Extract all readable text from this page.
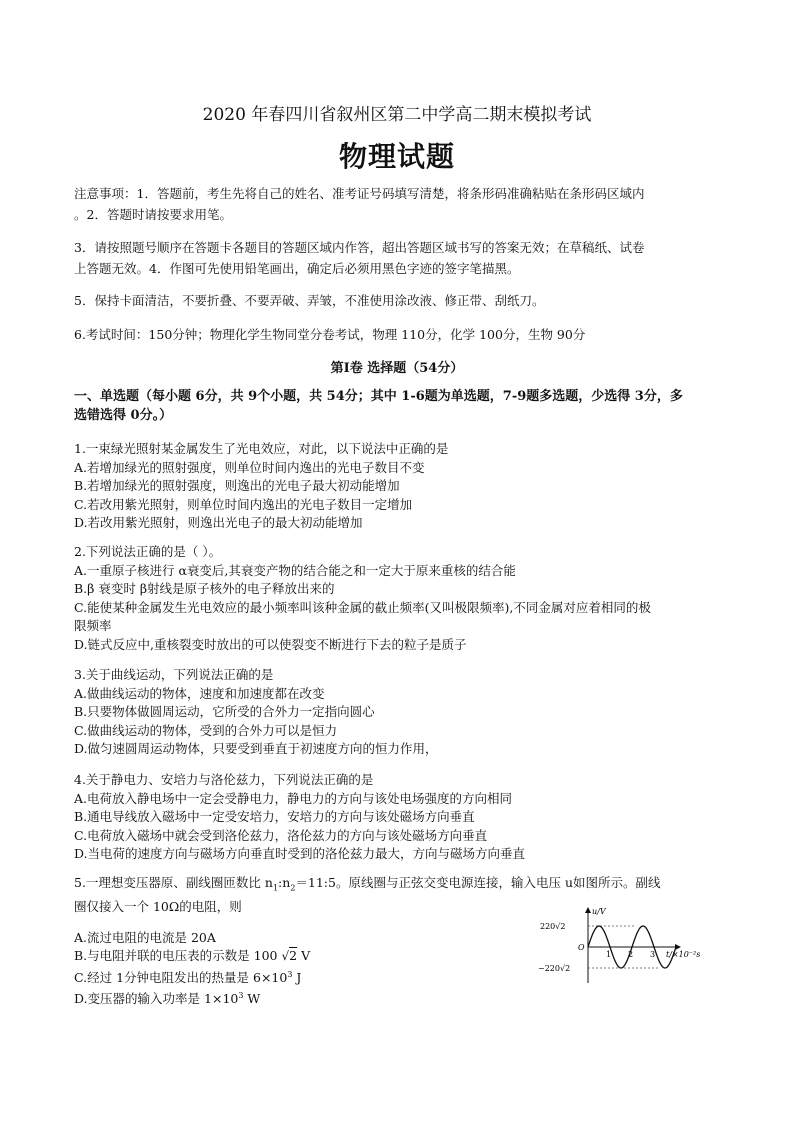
2020 年春四川省叙州区第二中学高二期末模拟考试
物理试题

注意事项：1．答题前，考生先将自己的姓名、准考证号码填写清楚，将条形码准确粘贴在条形码区域内

。2．答题时请按要求用笔。

3．请按照题号顺序在答题卡各题目的答题区域内作答，超出答题区域书写的答案无效；在草稿纸、试卷

上答题无效。4．作图可先使用铅笔画出，确定后必须用黑色字迹的签字笔描黑。

5．保持卡面清洁，不要折叠、不要弄破、弄皱，不准使用涂改液、修正带、刮纸刀。

6.考试时间：150分钟；物理化学生物同堂分卷考试，物理 110分，化学 100分，生物 90分

第Ⅰ卷 选择题（54分）

一、单选题（每小题 6分，共 9个小题，共 54分；其中 1-6题为单选题，7-9题多选题，少选得 3分，多

选错选得 0分。）

1.一束绿光照射某金属发生了光电效应，对此，以下说法中正确的是
A.若增加绿光的照射强度，则单位时间内逸出的光电子数目不变
B.若增加绿光的照射强度，则逸出的光电子最大初动能增加
C.若改用紫光照射，则单位时间内逸出的光电子数目一定增加
D.若改用紫光照射，则逸出光电子的最大初动能增加
2.下列说法正确的是（ ）。
A.一重原子核进行 α衰变后,其衰变产物的结合能之和一定大于原来重核的结合能
B.β 衰变时 β射线是原子核外的电子释放出来的
C.能使某种金属发生光电效应的最小频率叫该种金属的截止频率(又叫极限频率),不同金属对应着相同的极
限频率
D.链式反应中,重核裂变时放出的可以使裂变不断进行下去的粒子是质子
3.关于曲线运动，下列说法正确的是
A.做曲线运动的物体，速度和加速度都在改变
B.只要物体做圆周运动，它所受的合外力一定指向圆心
C.做曲线运动的物体，受到的合外力可以是恒力
D.做匀速圆周运动物体，只要受到垂直于初速度方向的恒力作用，
4.关于静电力、安培力与洛伦兹力，下列说法正确的是
A.电荷放入静电场中一定会受静电力，静电力的方向与该处电场强度的方向相同
B.通电导线放入磁场中一定受安培力，安培力的方向与该处磁场方向垂直
C.电荷放入磁场中就会受到洛伦兹力，洛伦兹力的方向与该处磁场方向垂直
D.当电荷的速度方向与磁场方向垂直时受到的洛伦兹力最大，方向与磁场方向垂直
5.一理想变压器原、副线圈匝数比 $n_1:n_2=11:5$。原线圈与正弦交变电源连接，输入电压 u如图所示。副线
圈仅接入一个 10Ω的电阻，则
A.流过电阻的电流是 20A
B.与电阻并联的电压表的示数是 100 √2 V
C.经过 1分钟电阻发出的热量是 $6\times 10^3$ J
D.变压器的输入功率是 $1\times 10^3$ W
u/V
220√2
O
−220√2
1 2 3 t/×10⁻²s
